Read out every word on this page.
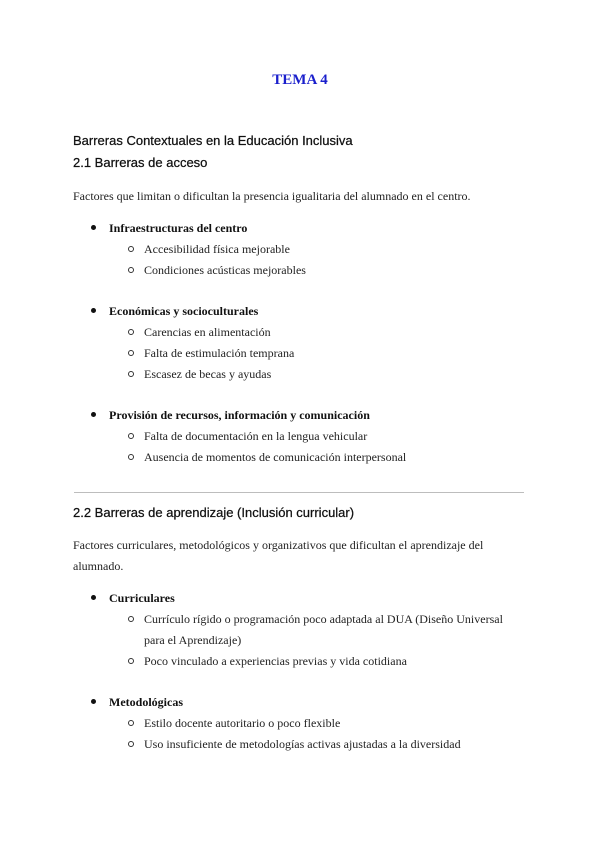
TEMA 4
Barreras Contextuales en la Educación Inclusiva
2.1 Barreras de acceso

Factores que limitan o dificultan la presencia igualitaria del alumnado en el centro.

Infraestructuras del centro
Accesibilidad física mejorable
Condiciones acústicas mejorables
Económicas y socioculturales
Carencias en alimentación
Falta de estimulación temprana
Escasez de becas y ayudas
Provisión de recursos, información y comunicación
Falta de documentación en la lengua vehicular
Ausencia de momentos de comunicación interpersonal
2.2 Barreras de aprendizaje (Inclusión curricular)

Factores curriculares, metodológicos y organizativos que dificultan el aprendizaje del alumnado.

Curriculares
Currículo rígido o programación poco adaptada al DUA (Diseño Universal para el Aprendizaje)
Poco vinculado a experiencias previas y vida cotidiana
Metodológicas
Estilo docente autoritario o poco flexible
Uso insuficiente de metodologías activas ajustadas a la diversidad
